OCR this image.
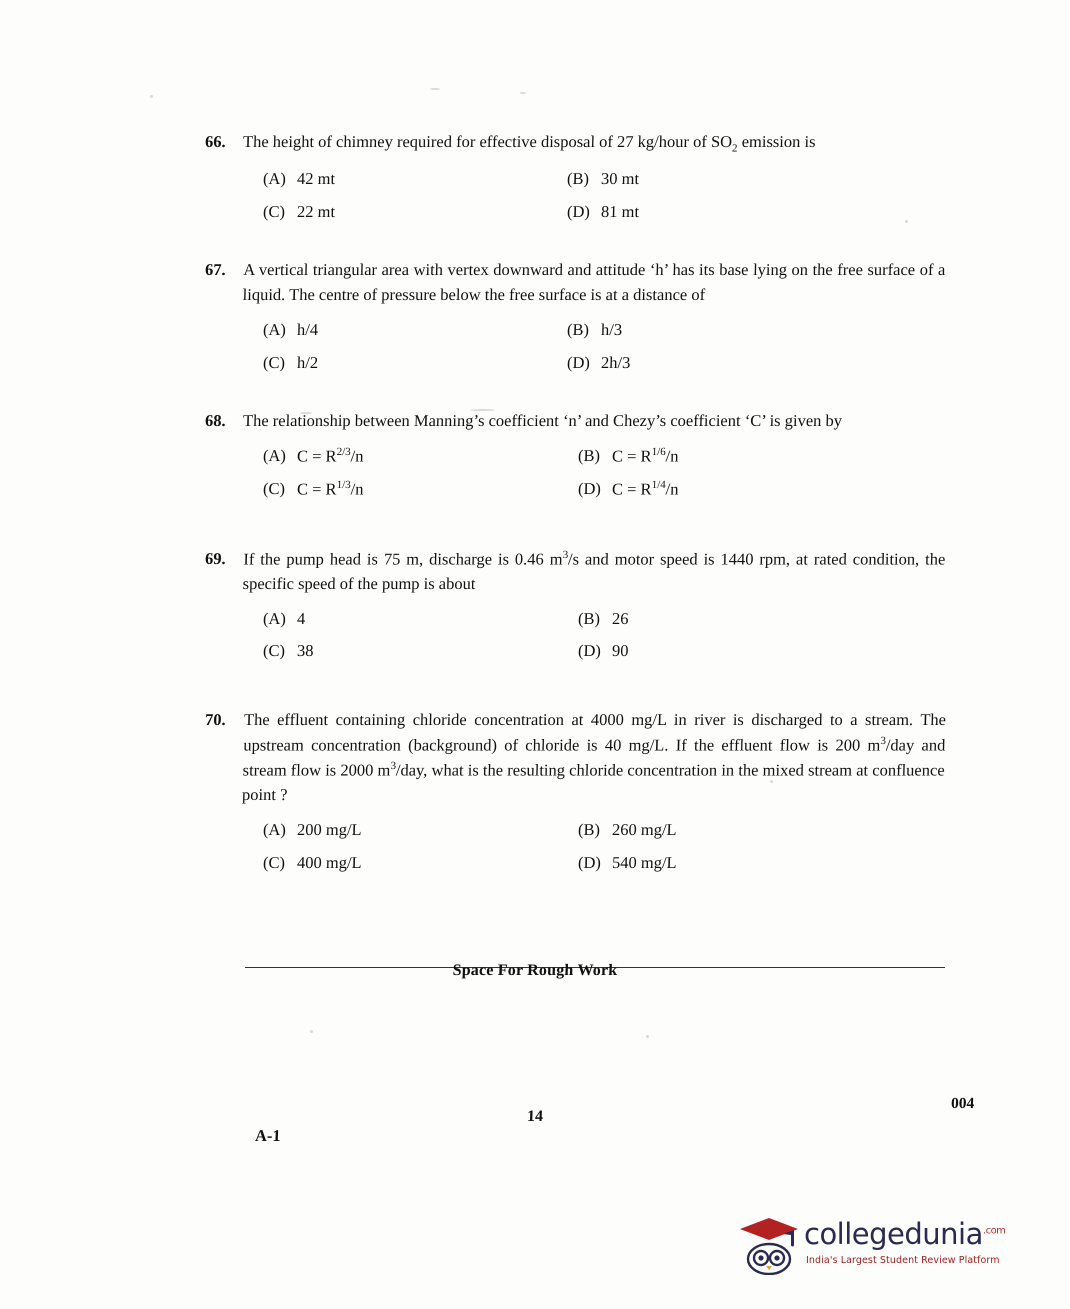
66.	The height of chimney required for effective disposal of 27 kg/hour of $SO_2$ emission is
(A) 42 mt	(B) 30 mt
(C) 22 mt	(D) 81 mt
67.	A vertical triangular area with vertex downward and attitude ‘h’ has its base lying on the free surface of a liquid. The centre of pressure below the free surface is at a distance of
(A) h/4	(B) h/3
(C) h/2	(D) 2h/3
68.	The relationship between Manning’s coefficient ‘n’ and Chezy’s coefficient ‘C’ is given by
(A) $C = R^{2/3}/n$	(B) $C = R^{1/6}/n$
(C) $C = R^{1/3}/n$	(D) $C = R^{1/4}/n$
69.	If the pump head is 75 m, discharge is 0.46 $m^3/s$ and motor speed is 1440 rpm, at rated condition, the specific speed of the pump is about
(A) 4	(B) 26
(C) 38	(D) 90
70.	The effluent containing chloride concentration at 4000 mg/L in river is discharged to a stream. The upstream concentration (background) of chloride is 40 mg/L. If the effluent flow is 200 $m^3$/day and stream flow is 2000 $m^3$/day, what is the resulting chloride concentration in the mixed stream at confluence point ?
(A) 200 mg/L	(B) 260 mg/L
(C) 400 mg/L	(D) 540 mg/L
Space For Rough Work
A-1
14
004
collegedunia$^{.com}$
India's Largest Student Review Platform
